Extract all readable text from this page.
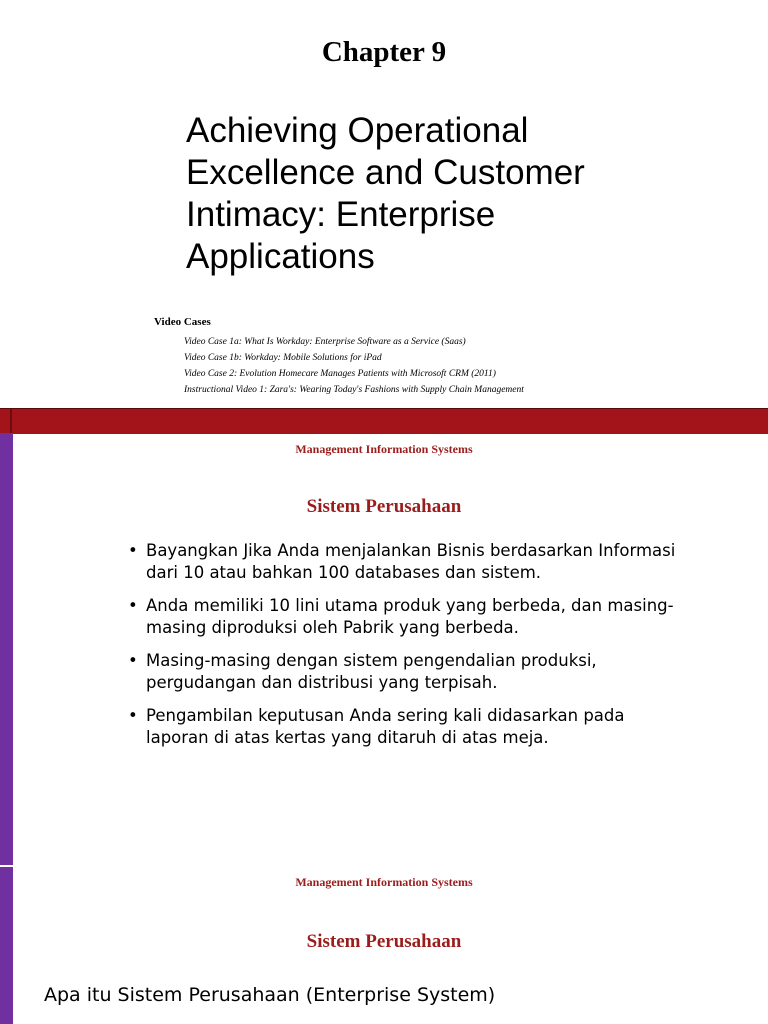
Chapter 9
Achieving Operational
Excellence and Customer
Intimacy: Enterprise
Applications
Video Cases
Video Case 1a: What Is Workday: Enterprise Software as a Service (Saas)
Video Case 1b: Workday: Mobile Solutions for iPad
Video Case 2: Evolution Homecare Manages Patients with Microsoft CRM (2011)
Instructional Video 1: Zara's: Wearing Today's Fashions with Supply Chain Management
Management Information Systems
Sistem Perusahaan
• Bayangkan Jika Anda menjalankan Bisnis berdasarkan Informasi dari 10 atau bahkan 100 databases dan sistem.
• Anda memiliki 10 lini utama produk yang berbeda, dan masing-masing diproduksi oleh Pabrik yang berbeda.
• Masing-masing dengan sistem pengendalian produksi, pergudangan dan distribusi yang terpisah.
• Pengambilan keputusan Anda sering kali didasarkan pada laporan di atas kertas yang ditaruh di atas meja.
Management Information Systems
Sistem Perusahaan
Apa itu Sistem Perusahaan (Enterprise System)
